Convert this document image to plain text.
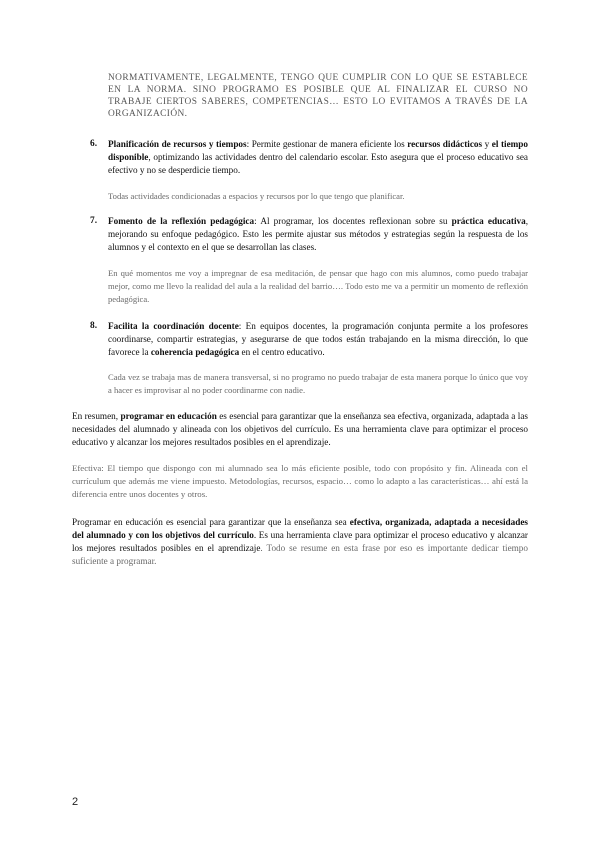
NORMATIVAMENTE, LEGALMENTE, TENGO QUE CUMPLIR CON LO QUE SE ESTABLECE EN LA NORMA. SINO PROGRAMO ES POSIBLE QUE AL FINALIZAR EL CURSO NO TRABAJE CIERTOS SABERES, COMPETENCIAS… ESTO LO EVITAMOS A TRAVÉS DE LA ORGANIZACIÓN.

6. Planificación de recursos y tiempos: Permite gestionar de manera eficiente los recursos didácticos y el tiempo disponible, optimizando las actividades dentro del calendario escolar. Esto asegura que el proceso educativo sea efectivo y no se desperdicie tiempo.

Todas actividades condicionadas a espacios y recursos por lo que tengo que planificar.

7. Fomento de la reflexión pedagógica: Al programar, los docentes reflexionan sobre su práctica educativa, mejorando su enfoque pedagógico. Esto les permite ajustar sus métodos y estrategias según la respuesta de los alumnos y el contexto en el que se desarrollan las clases.

En qué momentos me voy a impregnar de esa meditación, de pensar que hago con mis alumnos, como puedo trabajar mejor, como me llevo la realidad del aula a la realidad del barrio…. Todo esto me va a permitir un momento de reflexión pedagógica.

8. Facilita la coordinación docente: En equipos docentes, la programación conjunta permite a los profesores coordinarse, compartir estrategias, y asegurarse de que todos están trabajando en la misma dirección, lo que favorece la coherencia pedagógica en el centro educativo.

Cada vez se trabaja mas de manera transversal, si no programo no puedo trabajar de esta manera porque lo único que voy a hacer es improvisar al no poder coordinarme con nadie.

En resumen, programar en educación es esencial para garantizar que la enseñanza sea efectiva, organizada, adaptada a las necesidades del alumnado y alineada con los objetivos del currículo. Es una herramienta clave para optimizar el proceso educativo y alcanzar los mejores resultados posibles en el aprendizaje.

Efectiva: El tiempo que dispongo con mi alumnado sea lo más eficiente posible, todo con propósito y fin. Alineada con el currículum que además me viene impuesto. Metodologías, recursos, espacio… como lo adapto a las características… ahí está la diferencia entre unos docentes y otros.

Programar en educación es esencial para garantizar que la enseñanza sea efectiva, organizada, adaptada a necesidades del alumnado y con los objetivos del currículo. Es una herramienta clave para optimizar el proceso educativo y alcanzar los mejores resultados posibles en el aprendizaje. Todo se resume en esta frase por eso es importante dedicar tiempo suficiente a programar.
2
